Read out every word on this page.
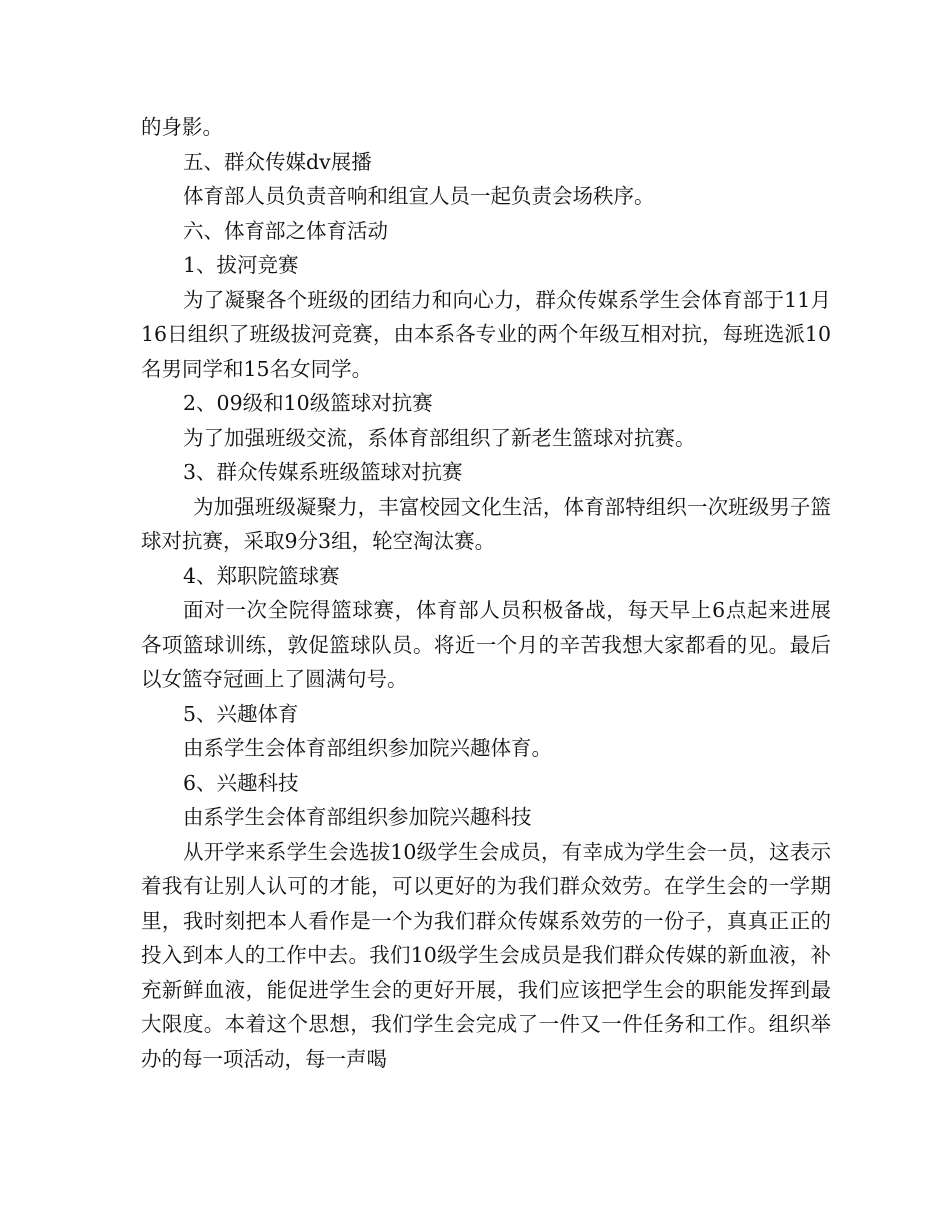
的身影。

五、群众传媒dv展播

体育部人员负责音响和组宣人员一起负责会场秩序。

六、体育部之体育活动

1、拔河竞赛

为了凝聚各个班级的团结力和向心力，群众传媒系学生会体育部于11月16日组织了班级拔河竞赛，由本系各专业的两个年级互相对抗，每班选派10名男同学和15名女同学。

2、09级和10级篮球对抗赛

为了加强班级交流，系体育部组织了新老生篮球对抗赛。

3、群众传媒系班级篮球对抗赛

为加强班级凝聚力，丰富校园文化生活，体育部特组织一次班级男子篮球对抗赛，采取9分3组，轮空淘汰赛。

4、郑职院篮球赛

面对一次全院得篮球赛，体育部人员积极备战，每天早上6点起来进展各项篮球训练，敦促篮球队员。将近一个月的辛苦我想大家都看的见。最后以女篮夺冠画上了圆满句号。

5、兴趣体育

由系学生会体育部组织参加院兴趣体育。

6、兴趣科技

由系学生会体育部组织参加院兴趣科技

从开学来系学生会选拔10级学生会成员，有幸成为学生会一员，这表示着我有让别人认可的才能，可以更好的为我们群众效劳。在学生会的一学期里，我时刻把本人看作是一个为我们群众传媒系效劳的一份子，真真正正的投入到本人的工作中去。我们10级学生会成员是我们群众传媒的新血液，补充新鲜血液，能促进学生会的更好开展，我们应该把学生会的职能发挥到最大限度。本着这个思想，我们学生会完成了一件又一件任务和工作。组织举办的每一项活动，每一声喝
